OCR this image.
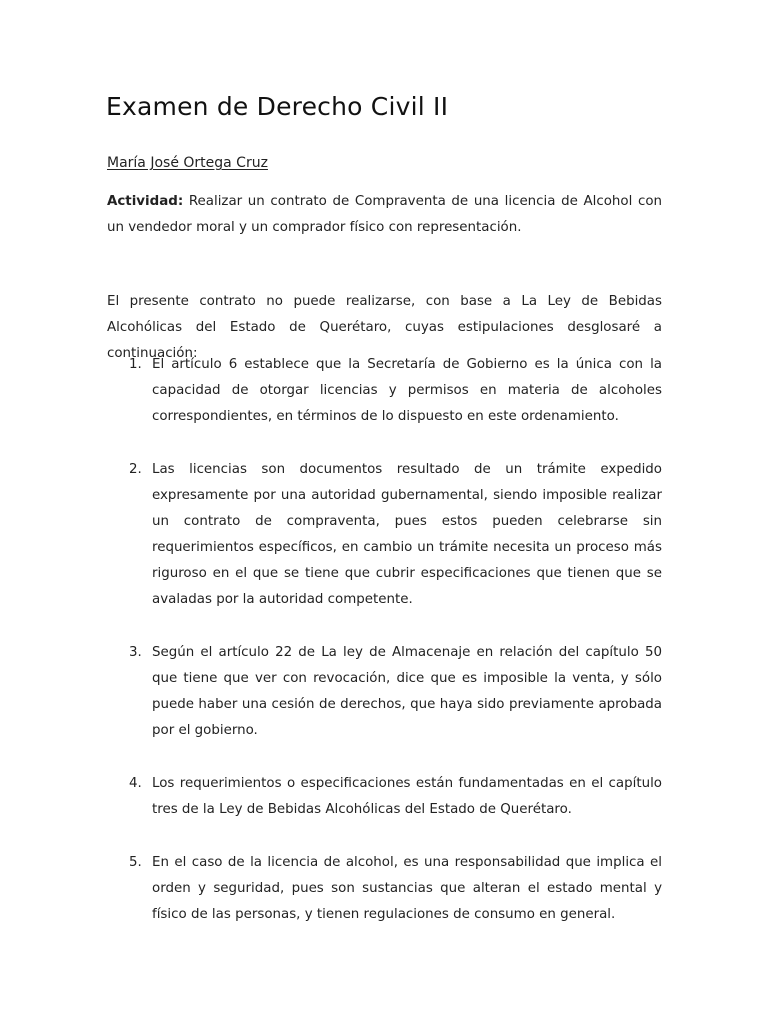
Examen de Derecho Civil II

María José Ortega Cruz

Actividad: Realizar un contrato de Compraventa de una licencia de Alcohol con un vendedor moral y un comprador físico con representación.

El presente contrato no puede realizarse, con base a La Ley de Bebidas Alcohólicas del Estado de Querétaro, cuyas estipulaciones desglosaré a continuación:

1. El artículo 6 establece que la Secretaría de Gobierno es la única con la capacidad de otorgar licencias y permisos en materia de alcoholes correspondientes, en términos de lo dispuesto en este ordenamiento.

2. Las licencias son documentos resultado de un trámite expedido expresamente por una autoridad gubernamental, siendo imposible realizar un contrato de compraventa, pues estos pueden celebrarse sin requerimientos específicos, en cambio un trámite necesita un proceso más riguroso en el que se tiene que cubrir especificaciones que tienen que se avaladas por la autoridad competente.

3. Según el artículo 22 de La ley de Almacenaje en relación del capítulo 50 que tiene que ver con revocación, dice que es imposible la venta, y sólo puede haber una cesión de derechos, que haya sido previamente aprobada por el gobierno.

4. Los requerimientos o especificaciones están fundamentadas en el capítulo tres de la Ley de Bebidas Alcohólicas del Estado de Querétaro.

5. En el caso de la licencia de alcohol, es una responsabilidad que implica el orden y seguridad, pues son sustancias que alteran el estado mental y físico de las personas, y tienen regulaciones de consumo en general.
